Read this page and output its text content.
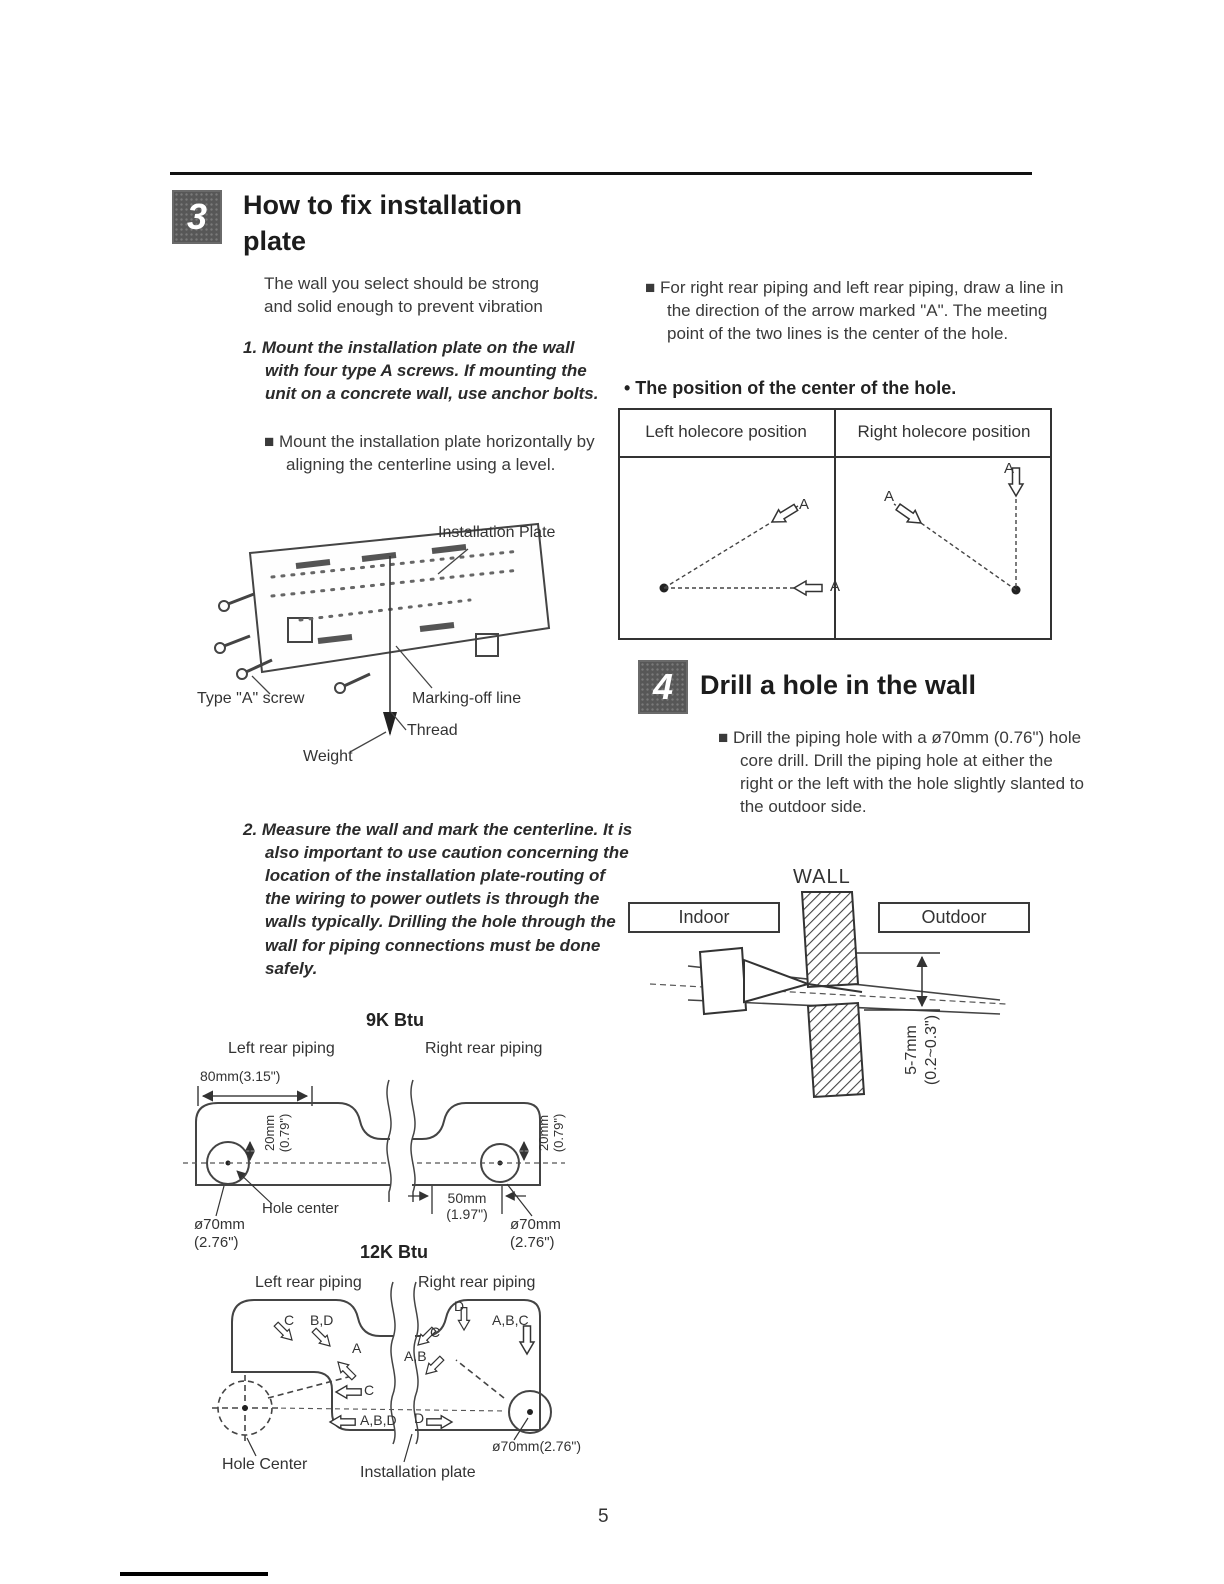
3 How to fix installation
plate
The wall you select should be strong and solid enough to prevent vibration
1. Mount the installation plate on the wall with four type A screws. If mounting the unit on a concrete wall, use anchor bolts.
■ Mount the installation plate horizontally by aligning the centerline using a level.
Installation Plate
Type "A" screw	Marking-off line
Thread
Weight
2. Measure the wall and mark the centerline. It is also important to use caution concerning the location of the installation plate-routing of the wiring to power outlets is through the walls typically. Drilling the hole through the wall for piping connections must be done safely.
9K Btu
Left rear piping	Right rear piping
80mm(3.15")
20mm (0.79")	20mm (0.79")
50mm
(1.97")
Hole center
ø70mm
(2.76")
ø70mm
(2.76")
12K Btu
Left rear piping	Right rear piping
C B,D
A
C
A,B
D
A,B,C
C
A,B,D D
Hole Center	Installation plate
ø70mm(2.76")
■ For right rear piping and left rear piping, draw a line in the direction of the arrow marked "A". The meeting point of the two lines is the center of the hole.
• The position of the center of the hole.
Left holecore position	Right holecore position
A
A
A
A
4 Drill a hole in the wall
■ Drill the piping hole with a ø70mm (0.76") hole core drill. Drill the piping hole at either the right or the left with the hole slightly slanted to the outdoor side.
WALL
Indoor	Outdoor
5-7mm (0.2~0.3")
5
